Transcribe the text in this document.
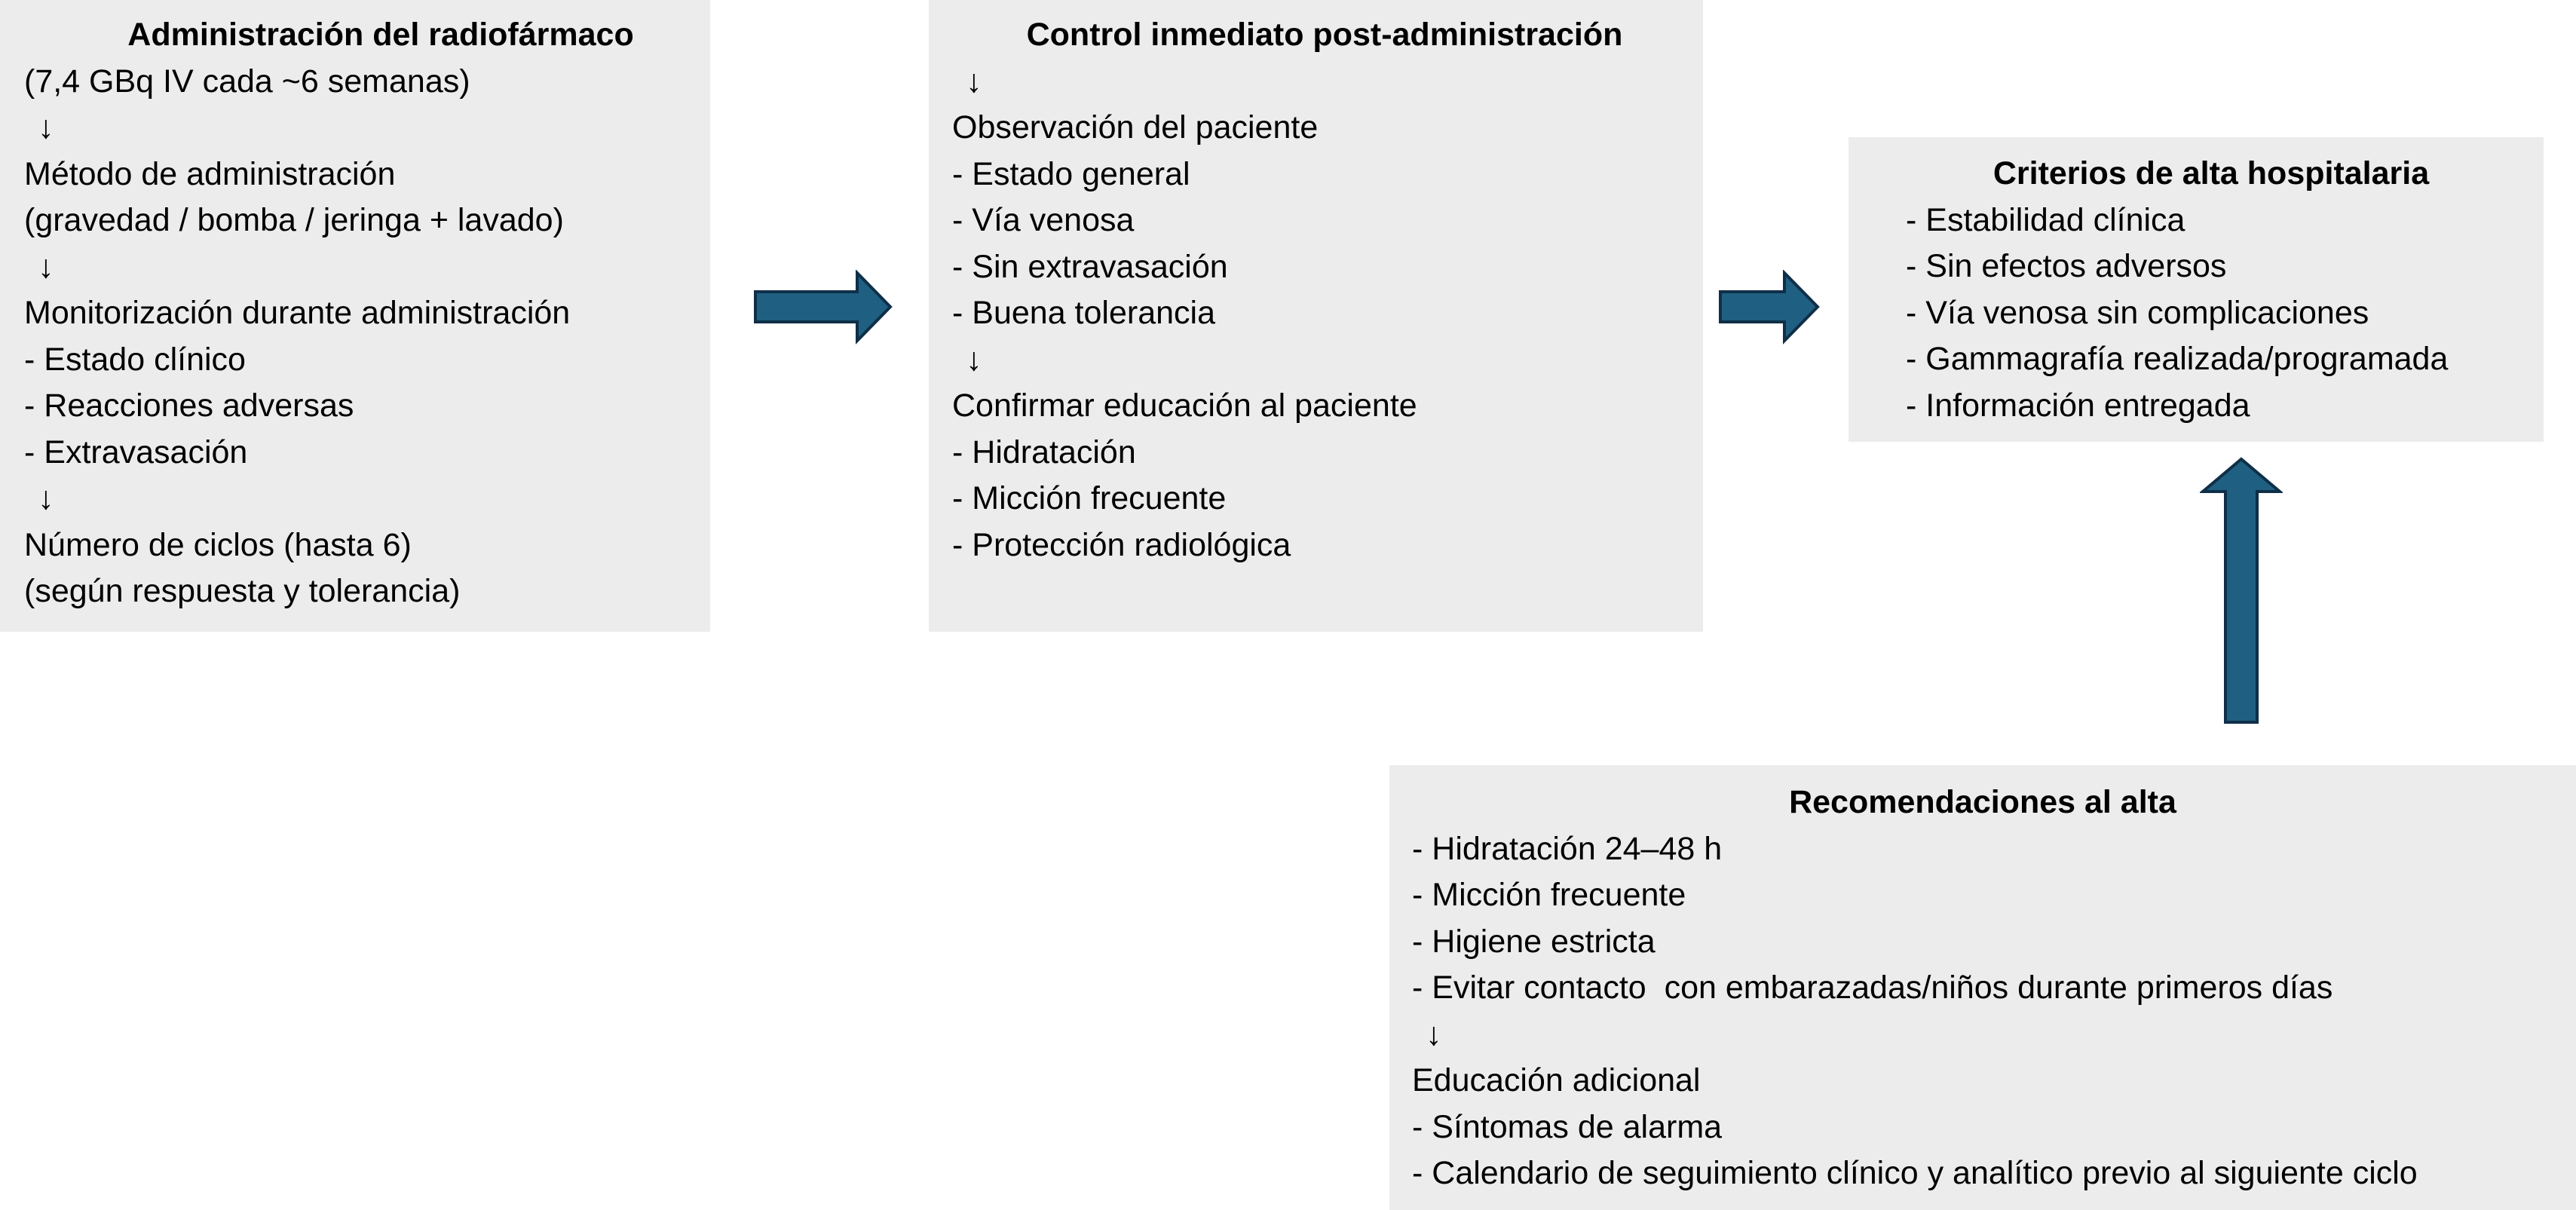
Administración del radiofármaco
(7,4 GBq IV cada ~6 semanas)
↓
Método de administración
(gravedad / bomba / jeringa + lavado)
↓
Monitorización durante administración
- Estado clínico
- Reacciones adversas
- Extravasación
↓
Número de ciclos (hasta 6)
(según respuesta y tolerancia)
Control inmediato post-administración
↓
Observación del paciente
- Estado general
- Vía venosa
- Sin extravasación
- Buena tolerancia
↓
Confirmar educación al paciente
- Hidratación
- Micción frecuente
- Protección radiológica
Criterios de alta hospitalaria
- Estabilidad clínica
- Sin efectos adversos
- Vía venosa sin complicaciones
- Gammagrafía realizada/programada
- Información entregada
Recomendaciones al alta
- Hidratación 24–48 h
- Micción frecuente
- Higiene estricta
- Evitar contacto  con embarazadas/niños durante primeros días
↓
Educación adicional
- Síntomas de alarma
- Calendario de seguimiento clínico y analítico previo al siguiente ciclo
